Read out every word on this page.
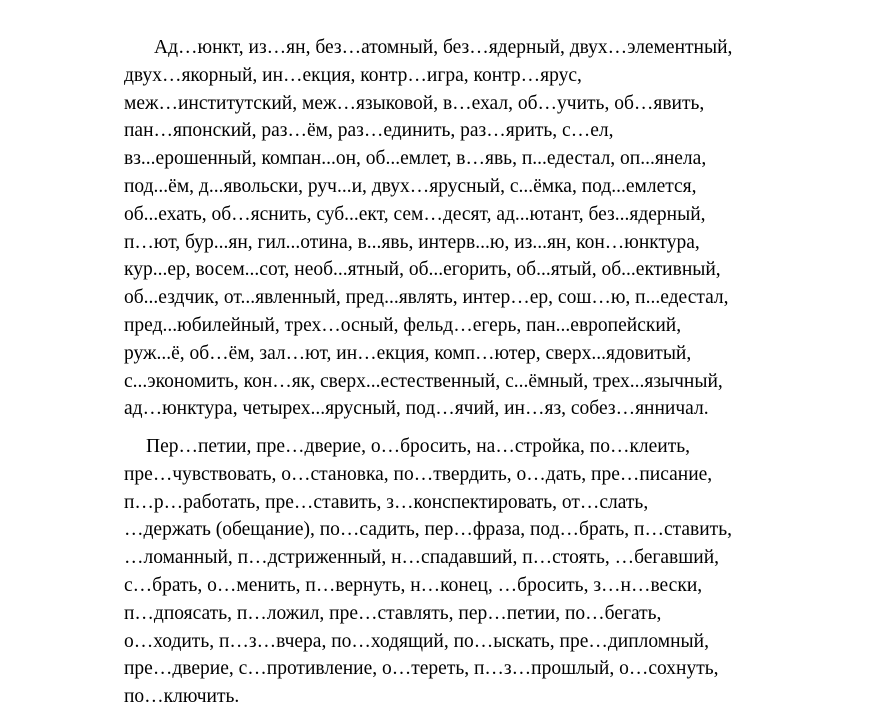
Ад…юнкт, из…ян, без…атомный, без…ядерный, двух…элементный,
двух…якорный, ин…екция, контр…игра, контр…ярус,
меж…институтский, меж…языковой, в…ехал, об…учить, об…явить,
пан…японский, раз…ём, раз…единить, раз…ярить, с…ел,
вз...ерошенный, компан...он, об...емлет, в…явь, п...едестал, оп...янела,
под...ём, д...явольски, руч...и, двух…ярусный, с...ёмка, под...емлется,
об...ехать, об…яснить, суб...ект, сем…десят, ад...ютант, без...ядерный,
п…ют, бур...ян, гил...отина, в...явь, интерв...ю, из...ян, кон…юнктура,
кур...ер, восем...сот, необ...ятный, об...егорить, об...ятый, об...ективный,
об...ездчик, от...явленный, пред...являть, интер…ер, сош…ю, п...едестал,
пред...юбилейный, трех…осный, фельд…егерь, пан...европейский,
руж...ё, об…ём, зал…ют, ин…екция, комп…ютер, сверх...ядовитый,
с...экономить, кон…як, сверх...естественный, с...ёмный, трех...язычный,
ад…юнктура, четырех...ярусный, под…ячий, ин…яз, собез…янничал.
Пер…петии, пре…дверие, о…бросить, на…стройка, по…клеить,
пре…чувствовать, о…становка, по…твердить, о…дать, пре…писание,
п…р…работать, пре…ставить, з…конспектировать, от…слать,
…держать (обещание), по…садить, пер…фраза, под…брать, п…ставить,
…ломанный, п…дстриженный, н…спадавший, п…стоять, …бегавший,
с…брать, о…менить, п…вернуть, н…конец, …бросить, з…н…вески,
п…дпоясать, п…ложил, пре…ставлять, пер…петии, по…бегать,
о…ходить, п…з…вчера, по…ходящий, по…ыскать, пре…дипломный,
пре…дверие, с…противление, о…тереть, п…з…прошлый, о…сохнуть,
по…ключить.
